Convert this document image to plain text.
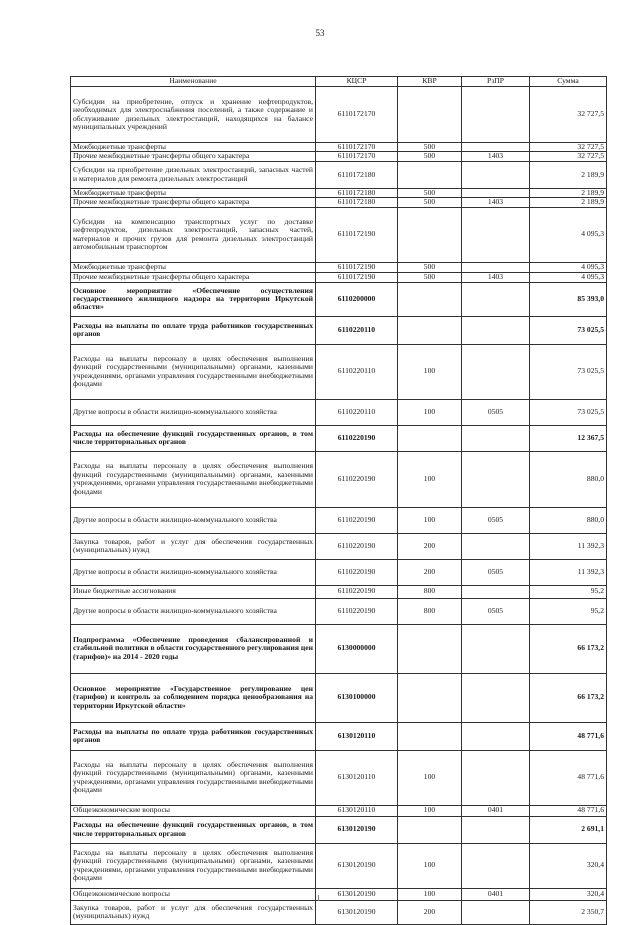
53
Наименование	КЦСР	КВР	РзПР	Сумма
Субсидии на приобретение, отпуск и хранение нефтепродуктов, необходимых для электроснабжения поселений, а также содержание и обслуживание дизельных электростанций, находящихся на балансе муниципальных учреждений	6110172170			32 727,5
Межбюджетные трансферты	6110172170	500		32 727,5
Прочие межбюджетные трансферты общего характера	6110172170	500	1403	32 727,5
Субсидии на приобретение дизельных электростанций, запасных частей и материалов для ремонта дизельных электростанций	6110172180			2 189,9
Межбюджетные трансферты	6110172180	500		2 189,9
Прочие межбюджетные трансферты общего характера	6110172180	500	1403	2 189,9
Субсидии на компенсацию транспортных услуг по доставке нефтепродуктов, дизельных электростанций, запасных частей, материалов и прочих грузов для ремонта дизельных электростанций автомобильным транспортом	6110172190			4 095,3
Межбюджетные трансферты	6110172190	500		4 095,3
Прочие межбюджетные трансферты общего характера	6110172190	500	1403	4 095,3
Основное мероприятие «Обеспечение осуществления государственного жилищного надзора на территории Иркутской области»	6110200000			85 393,0
Расходы на выплаты по оплате труда работников государственных органов	6110220110			73 025,5
Расходы на выплаты персоналу в целях обеспечения выполнения функций государственными (муниципальными) органами, казенными учреждениями, органами управления государственными внебюджетными фондами	6110220110	100		73 025,5
Другие вопросы в области жилищно-коммунального хозяйства	6110220110	100	0505	73 025,5
Расходы на обеспечение функций государственных органов, в том числе территориальных органов	6110220190			12 367,5
Расходы на выплаты персоналу в целях обеспечения выполнения функций государственными (муниципальными) органами, казенными учреждениями, органами управления государственными внебюджетными фондами	6110220190	100		880,0
Другие вопросы в области жилищно-коммунального хозяйства	6110220190	100	0505	880,0
Закупка товаров, работ и услуг для обеспечения государственных (муниципальных) нужд	6110220190	200		11 392,3
Другие вопросы в области жилищно-коммунального хозяйства	6110220190	200	0505	11 392,3
Иные бюджетные ассигнования	6110220190	800		95,2
Другие вопросы в области жилищно-коммунального хозяйства	6110220190	800	0505	95,2
Подпрограмма «Обеспечение проведения сбалансированной и стабильной политики в области государственного регулирования цен (тарифов)» на 2014 - 2020 годы	6130000000			66 173,2
Основное мероприятие «Государственное регулирование цен (тарифов) и контроль за соблюдением порядка ценообразования на территории Иркутской области»	6130100000			66 173,2
Расходы на выплаты по оплате труда работников государственных органов	6130120110			48 771,6
Расходы на выплаты персоналу в целях обеспечения выполнения функций государственными (муниципальными) органами, казенными учреждениями, органами управления государственными внебюджетными фондами	6130120110	100		48 771,6
Общеэкономические вопросы	6130120110	100	0401	48 771,6
Расходы на обеспечение функций государственных органов, в том числе территориальных органов	6130120190			2 691,1
Расходы на выплаты персоналу в целях обеспечения выполнения функций государственными (муниципальными) органами, казенными учреждениями, органами управления государственными внебюджетными фондами	6130120190	100		320,4
Общеэкономические вопросы	6130120190	100	0401	320,4
Закупка товаров, работ и услуг для обеспечения государственных (муниципальных) нужд	6130120190	200		2 350,7
